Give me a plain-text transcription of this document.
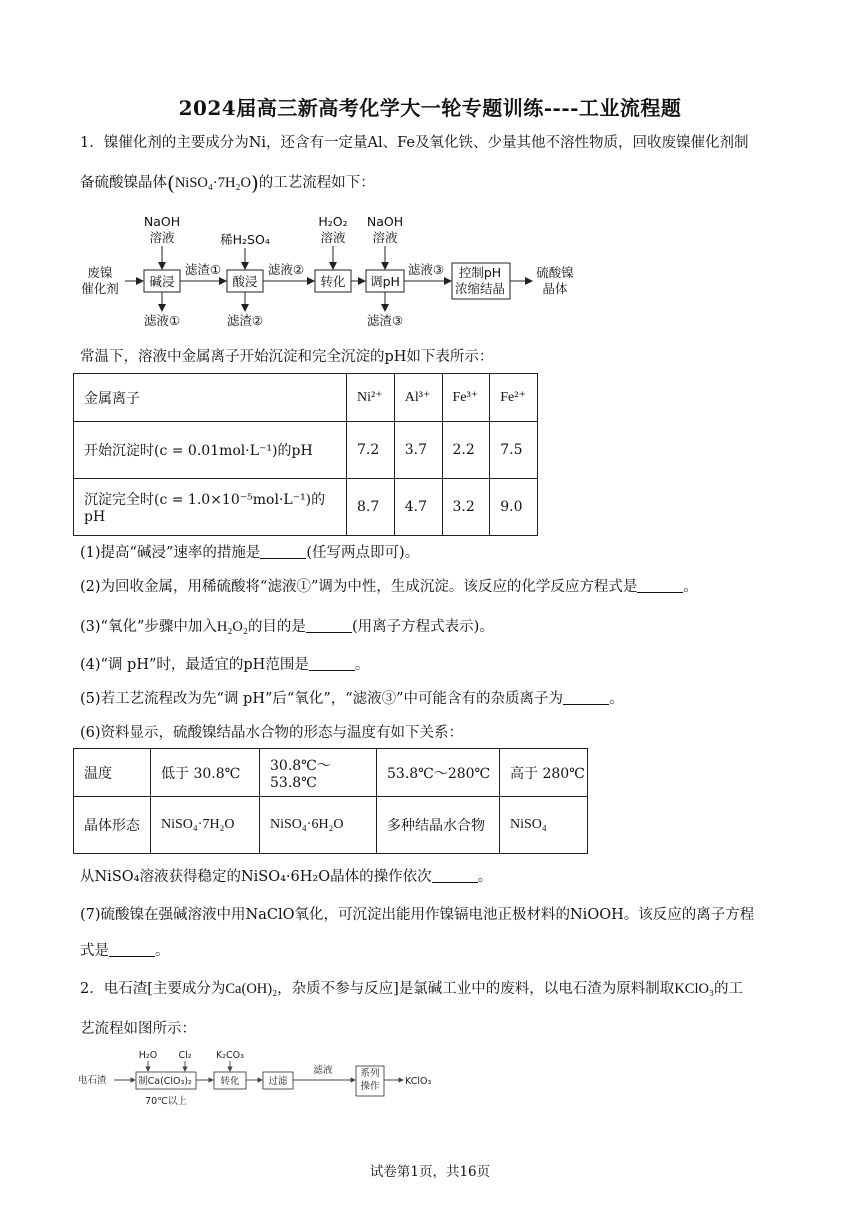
2024届高三新高考化学大一轮专题训练----工业流程题
1．镍催化剂的主要成分为Ni，还含有一定量Al、Fe及氧化铁、少量其他不溶性物质，回收废镍催化剂制
备硫酸镍晶体(NiSO₄·7H₂O)的工艺流程如下：
废镍
催化剂
NaOH
溶液	稀H₂SO₄
H₂O₂
溶液
NaOH
溶液
滤渣①	滤液②	滤液③
碱浸	酸浸	转化 调pH
控制pH
浓缩结晶
硫酸镍
晶体
滤液①	滤渣②	滤渣③
常温下，溶液中金属离子开始沉淀和完全沉淀的pH如下表所示：
金属离子	Ni²⁺	Al³⁺	Fe³⁺	Fe²⁺
开始沉淀时(c = 0.01mol·L⁻¹)的pH	7.2	3.7	2.2	7.5
沉淀完全时(c = 1.0×10⁻⁵mol·L⁻¹)的pH	8.7	4.7	3.2	9.0
(1)提高“碱浸”速率的措施是	(任写两点即可)。
(2)为回收金属，用稀硫酸将“滤液①”调为中性，生成沉淀。该反应的化学反应方程式是	。
(3)“氧化”步骤中加入H₂O₂的目的是	(用离子方程式表示)。
(4)“调 pH”时，最适宜的pH范围是	。
(5)若工艺流程改为先“调 pH”后“氧化”，“滤液③”中可能含有的杂质离子为	。
(6)资料显示，硫酸镍结晶水合物的形态与温度有如下关系：
温度	低于 30.8℃	30.8℃～53.8℃	53.8℃～280℃	高于 280℃
晶体形态	NiSO₄·7H₂O	NiSO₄·6H₂O	多种结晶水合物	NiSO₄
从NiSO₄溶液获得稳定的NiSO₄·6H₂O晶体的操作依次	。
(7)硫酸镍在强碱溶液中用NaClO氧化，可沉淀出能用作镍镉电池正极材料的NiOOH。该反应的离子方程
式是	。
2．电石渣[主要成分为Ca(OH)₂，杂质不参与反应]是氯碱工业中的废料，以电石渣为原料制取KClO₃的工
艺流程如图所示：
电石渣
H₂O Cl₂	K₂CO₃
制Ca(ClO₃)₂
70℃以上
转化	过滤
滤液	系列
操作	KClO₃
试卷第1页，共16页
